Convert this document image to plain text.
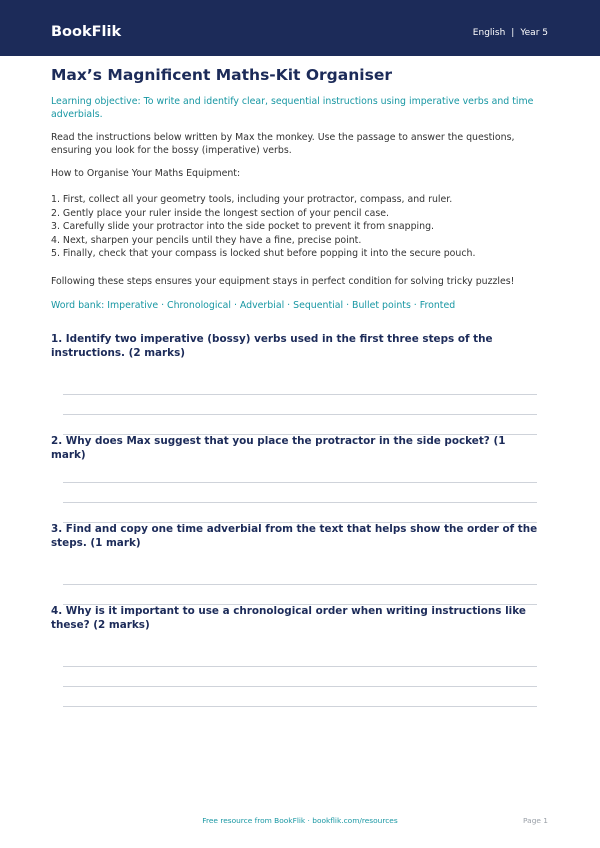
BookFlik	English | Year 5
Max’s Magnificent Maths-Kit Organiser
Learning objective: To write and identify clear, sequential instructions using imperative verbs and time adverbials.
Read the instructions below written by Max the monkey. Use the passage to answer the questions, ensuring you look for the bossy (imperative) verbs.
How to Organise Your Maths Equipment:
1. First, collect all your geometry tools, including your protractor, compass, and ruler.
2. Gently place your ruler inside the longest section of your pencil case.
3. Carefully slide your protractor into the side pocket to prevent it from snapping.
4. Next, sharpen your pencils until they have a fine, precise point.
5. Finally, check that your compass is locked shut before popping it into the secure pouch.
Following these steps ensures your equipment stays in perfect condition for solving tricky puzzles!
Word bank: Imperative · Chronological · Adverbial · Sequential · Bullet points · Fronted
1. Identify two imperative (bossy) verbs used in the first three steps of the instructions. (2 marks)
2. Why does Max suggest that you place the protractor in the side pocket? (1 mark)
3. Find and copy one time adverbial from the text that helps show the order of the steps. (1 mark)
4. Why is it important to use a chronological order when writing instructions like these? (2 marks)
Free resource from BookFlik · bookflik.com/resources	Page 1
